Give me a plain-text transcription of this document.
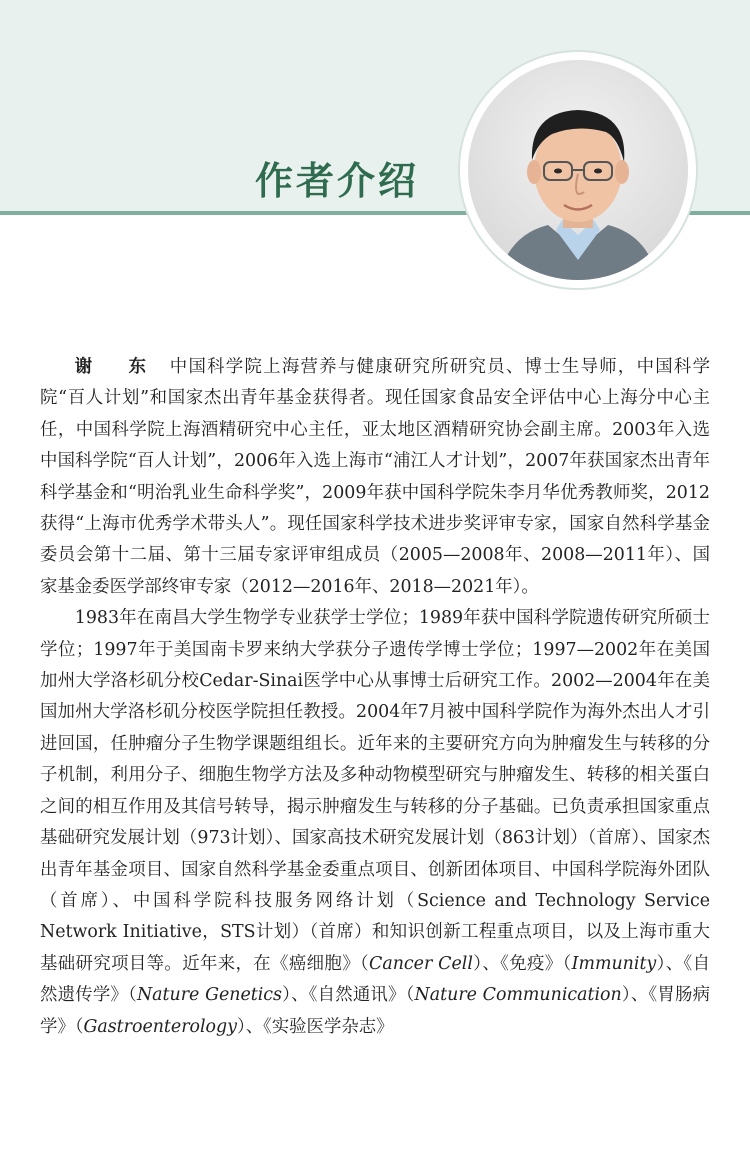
作者介绍

谢 东 中国科学院上海营养与健康研究所研究员、博士生导师，中国科学院“百人计划”和国家杰出青年基金获得者。现任国家食品安全评估中心上海分中心主任，中国科学院上海酒精研究中心主任，亚太地区酒精研究协会副主席。2003年入选中国科学院“百人计划”，2006年入选上海市“浦江人才计划”，2007年获国家杰出青年科学基金和“明治乳业生命科学奖”，2009年获中国科学院朱李月华优秀教师奖，2012获得“上海市优秀学术带头人”。现任国家科学技术进步奖评审专家，国家自然科学基金委员会第十二届、第十三届专家评审组成员（2005—2008年、2008—2011年）、国家基金委医学部终审专家（2012—2016年、2018—2021年）。

1983年在南昌大学生物学专业获学士学位；1989年获中国科学院遗传研究所硕士学位；1997年于美国南卡罗来纳大学获分子遗传学博士学位；1997—2002年在美国加州大学洛杉矶分校Cedar-Sinai医学中心从事博士后研究工作。2002—2004年在美国加州大学洛杉矶分校医学院担任教授。2004年7月被中国科学院作为海外杰出人才引进回国，任肿瘤分子生物学课题组组长。近年来的主要研究方向为肿瘤发生与转移的分子机制，利用分子、细胞生物学方法及多种动物模型研究与肿瘤发生、转移的相关蛋白之间的相互作用及其信号转导，揭示肿瘤发生与转移的分子基础。已负责承担国家重点基础研究发展计划（973计划）、国家高技术研究发展计划（863计划）（首席）、国家杰出青年基金项目、国家自然科学基金委重点项目、创新团体项目、中国科学院海外团队（首席）、中国科学院科技服务网络计划（Science and Technology Service Network Initiative，STS计划）（首席）和知识创新工程重点项目，以及上海市重大基础研究项目等。近年来，在《癌细胞》（Cancer Cell）、《免疫》（Immunity）、《自然遗传学》（Nature Genetics）、《自然通讯》（Nature Communication）、《胃肠病学》（Gastroenterology）、《实验医学杂志》
